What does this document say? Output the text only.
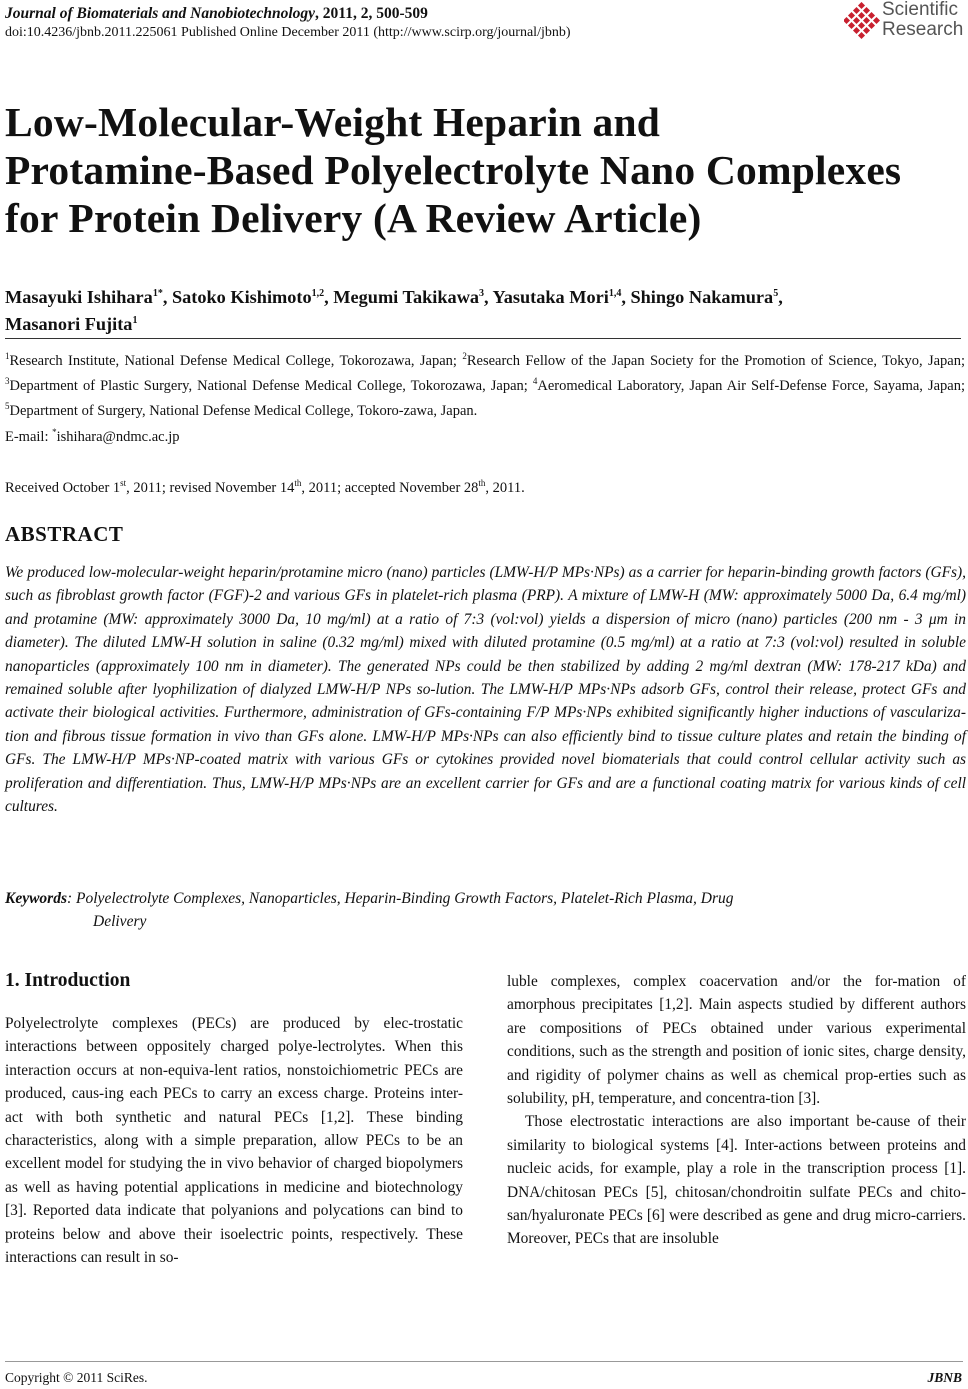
Journal of Biomaterials and Nanobiotechnology, 2011, 2, 500-509
doi:10.4236/jbnb.2011.225061 Published Online December 2011 (http://www.scirp.org/journal/jbnb)
Scientific
Research
Low-Molecular-Weight Heparin and
Protamine-Based Polyelectrolyte Nano Complexes
for Protein Delivery (A Review Article)
Masayuki Ishihara$^{1*}$, Satoko Kishimoto$^{1,2}$, Megumi Takikawa$^3$, Yasutaka Mori$^{1,4}$, Shingo Nakamura$^5$,
Masanori Fujita$^1$
$^1$Research Institute, National Defense Medical College, Tokorozawa, Japan; $^2$Research Fellow of the Japan Society for the Promotion of Science, Tokyo, Japan; $^3$Department of Plastic Surgery, National Defense Medical College, Tokorozawa, Japan; $^4$Aeromedical Laboratory, Japan Air Self-Defense Force, Sayama, Japan; $^5$Department of Surgery, National Defense Medical College, Tokoro-zawa, Japan.
E-mail: *ishihara@ndmc.ac.jp
Received October 1st, 2011; revised November 14th, 2011; accepted November 28th, 2011.
ABSTRACT
We produced low-molecular-weight heparin/protamine micro (nano) particles (LMW-H/P MPs·NPs) as a carrier for heparin-binding growth factors (GFs), such as fibroblast growth factor (FGF)-2 and various GFs in platelet-rich plasma (PRP). A mixture of LMW-H (MW: approximately 5000 Da, 6.4 mg/ml) and protamine (MW: approximately 3000 Da, 10 mg/ml) at a ratio of 7:3 (vol:vol) yields a dispersion of micro (nano) particles (200 nm - 3 μm in diameter). The diluted LMW-H solution in saline (0.32 mg/ml) mixed with diluted protamine (0.5 mg/ml) at a ratio at 7:3 (vol:vol) resulted in soluble nanoparticles (approximately 100 nm in diameter). The generated NPs could be then stabilized by adding 2 mg/ml dextran (MW: 178-217 kDa) and remained soluble after lyophilization of dialyzed LMW-H/P NPs so-lution. The LMW-H/P MPs·NPs adsorb GFs, control their release, protect GFs and activate their biological activities. Furthermore, administration of GFs-containing F/P MPs·NPs exhibited significantly higher inductions of vasculariza-tion and fibrous tissue formation in vivo than GFs alone. LMW-H/P MPs·NPs can also efficiently bind to tissue culture plates and retain the binding of GFs. The LMW-H/P MPs·NP-coated matrix with various GFs or cytokines provided novel biomaterials that could control cellular activity such as proliferation and differentiation. Thus, LMW-H/P MPs·NPs are an excellent carrier for GFs and are a functional coating matrix for various kinds of cell cultures.
Keywords: Polyelectrolyte Complexes, Nanoparticles, Heparin-Binding Growth Factors, Platelet-Rich Plasma, Drug
Delivery
1. Introduction

Polyelectrolyte complexes (PECs) are produced by elec-trostatic interactions between oppositely charged polye-lectrolytes. When this interaction occurs at non-equiva-lent ratios, nonstoichiometric PECs are produced, caus-ing each PECs to carry an excess charge. Proteins inter-act with both synthetic and natural PECs [1,2]. These binding characteristics, along with a simple preparation, allow PECs to be an excellent model for studying the in vivo behavior of charged biopolymers as well as having potential applications in medicine and biotechnology [3]. Reported data indicate that polyanions and polycations can bind to proteins below and above their isoelectric points, respectively. These interactions can result in so-

luble complexes, complex coacervation and/or the for-mation of amorphous precipitates [1,2]. Main aspects studied by different authors are compositions of PECs obtained under various experimental conditions, such as the strength and position of ionic sites, charge density, and rigidity of polymer chains as well as chemical prop-erties such as solubility, pH, temperature, and concentra-tion [3].

Those electrostatic interactions are also important be-cause of their similarity to biological systems [4]. Inter-actions between proteins and nucleic acids, for example, play a role in the transcription process [1]. DNA/chitosan PECs [5], chitosan/chondroitin sulfate PECs and chito-san/hyaluronate PECs [6] were described as gene and drug micro-carriers. Moreover, PECs that are insoluble

Copyright © 2011 SciRes.	JBNB
